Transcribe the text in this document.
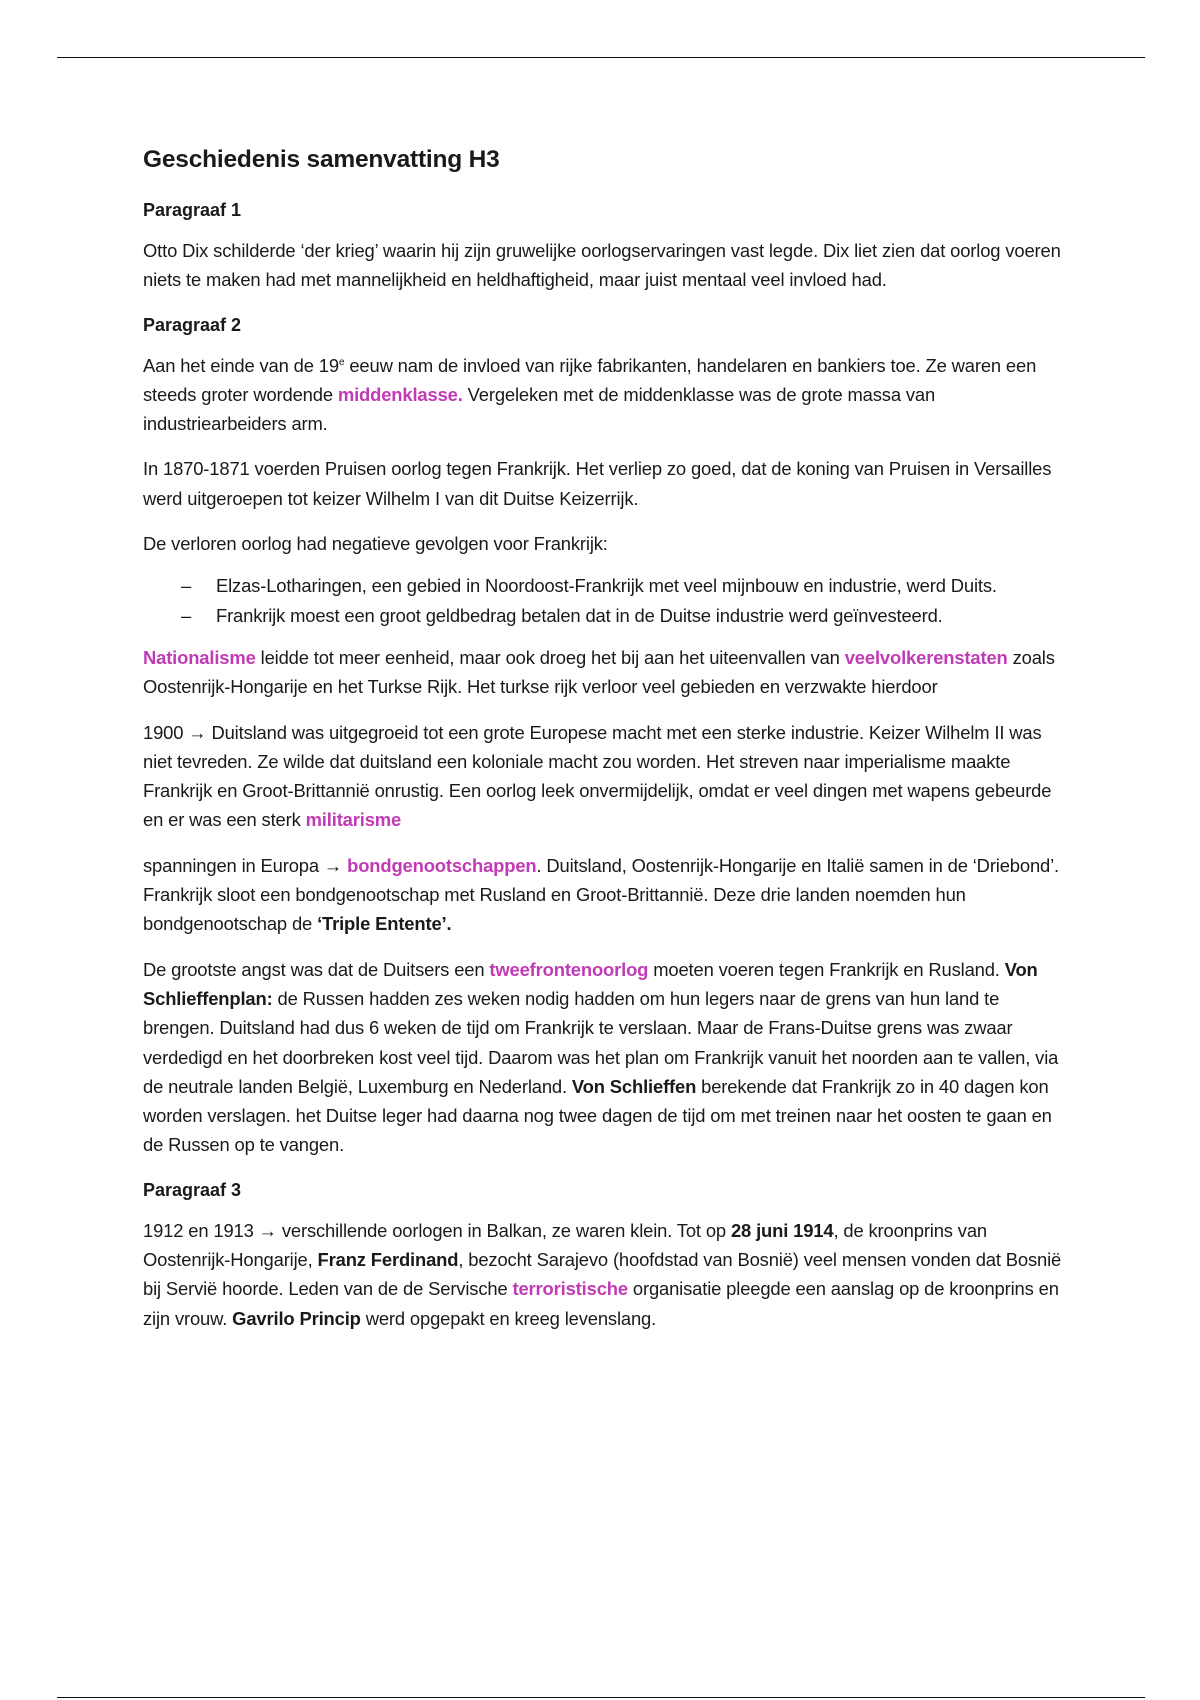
Geschiedenis samenvatting H3
Paragraaf 1

Otto Dix schilderde ‘der krieg’ waarin hij zijn gruwelijke oorlogservaringen vast legde. Dix liet zien dat oorlog voeren niets te maken had met mannelijkheid en heldhaftigheid, maar juist mentaal veel invloed had.

Paragraaf 2

Aan het einde van de 19e eeuw nam de invloed van rijke fabrikanten, handelaren en bankiers toe. Ze waren een steeds groter wordende middenklasse. Vergeleken met de middenklasse was de grote massa van industriearbeiders arm.

In 1870-1871 voerden Pruisen oorlog tegen Frankrijk. Het verliep zo goed, dat de koning van Pruisen in Versailles werd uitgeroepen tot keizer Wilhelm I van dit Duitse Keizerrijk.

De verloren oorlog had negatieve gevolgen voor Frankrijk:

– Elzas-Lotharingen, een gebied in Noordoost-Frankrijk met veel mijnbouw en industrie, werd Duits.
– Frankrijk moest een groot geldbedrag betalen dat in de Duitse industrie werd geïnvesteerd.

Nationalisme leidde tot meer eenheid, maar ook droeg het bij aan het uiteenvallen van veelvolkerenstaten zoals Oostenrijk-Hongarije en het Turkse Rijk. Het turkse rijk verloor veel gebieden en verzwakte hierdoor

1900 → Duitsland was uitgegroeid tot een grote Europese macht met een sterke industrie. Keizer Wilhelm II was niet tevreden. Ze wilde dat duitsland een koloniale macht zou worden. Het streven naar imperialisme maakte Frankrijk en Groot-Brittannië onrustig. Een oorlog leek onvermijdelijk, omdat er veel dingen met wapens gebeurde en er was een sterk militarisme

spanningen in Europa → bondgenootschappen. Duitsland, Oostenrijk-Hongarije en Italië samen in de ‘Driebond’. Frankrijk sloot een bondgenootschap met Rusland en Groot-Brittannië. Deze drie landen noemden hun bondgenootschap de ‘Triple Entente’.

De grootste angst was dat de Duitsers een tweefrontenoorlog moeten voeren tegen Frankrijk en Rusland. Von Schlieffenplan: de Russen hadden zes weken nodig hadden om hun legers naar de grens van hun land te brengen. Duitsland had dus 6 weken de tijd om Frankrijk te verslaan. Maar de Frans-Duitse grens was zwaar verdedigd en het doorbreken kost veel tijd. Daarom was het plan om Frankrijk vanuit het noorden aan te vallen, via de neutrale landen België, Luxemburg en Nederland. Von Schlieffen berekende dat Frankrijk zo in 40 dagen kon worden verslagen. het Duitse leger had daarna nog twee dagen de tijd om met treinen naar het oosten te gaan en de Russen op te vangen.

Paragraaf 3

1912 en 1913 → verschillende oorlogen in Balkan, ze waren klein. Tot op 28 juni 1914, de kroonprins van Oostenrijk-Hongarije, Franz Ferdinand, bezocht Sarajevo (hoofdstad van Bosnië) veel mensen vonden dat Bosnië bij Servië hoorde. Leden van de de Servische terroristische organisatie pleegde een aanslag op de kroonprins en zijn vrouw. Gavrilo Princip werd opgepakt en kreeg levenslang.
